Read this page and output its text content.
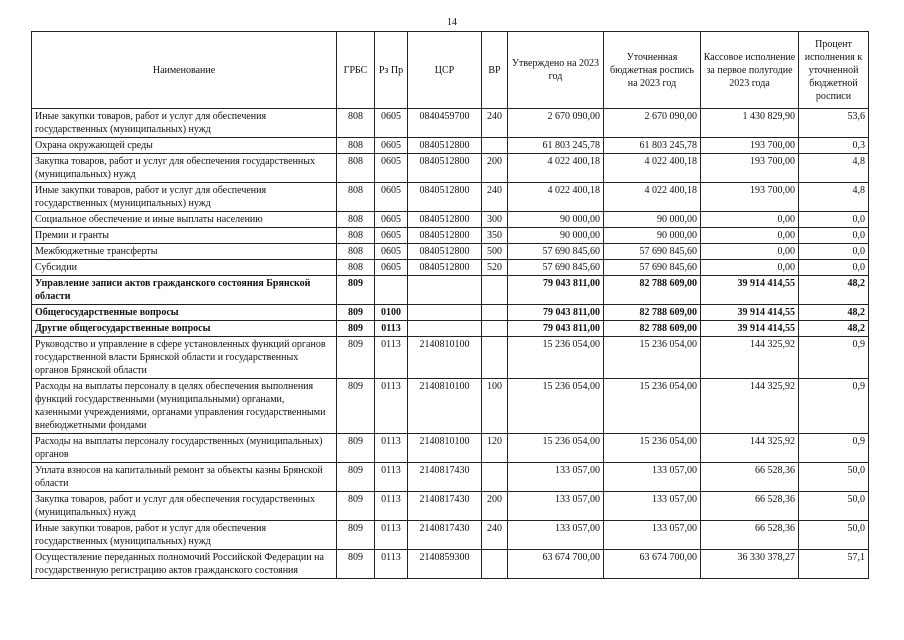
14
Наименование	ГРБС	Рз Пр	ЦСР	ВР	Утверждено на 2023 год	Уточненная бюджетная роспись на 2023 год	Кассовое исполнение за первое полугодие 2023 года	Процент исполнения к уточненной бюджетной росписи
Иные закупки товаров, работ и услуг для обеспечения государственных (муниципальных) нужд	808	0605	0840459700	240	2 670 090,00	2 670 090,00	1 430 829,90	53,6
Охрана окружающей среды	808	0605	0840512800		61 803 245,78	61 803 245,78	193 700,00	0,3
Закупка товаров, работ и услуг для обеспечения государственных (муниципальных) нужд	808	0605	0840512800	200	4 022 400,18	4 022 400,18	193 700,00	4,8
Иные закупки товаров, работ и услуг для обеспечения государственных (муниципальных) нужд	808	0605	0840512800	240	4 022 400,18	4 022 400,18	193 700,00	4,8
Социальное обеспечение и иные выплаты населению	808	0605	0840512800	300	90 000,00	90 000,00	0,00	0,0
Премии и гранты	808	0605	0840512800	350	90 000,00	90 000,00	0,00	0,0
Межбюджетные трансферты	808	0605	0840512800	500	57 690 845,60	57 690 845,60	0,00	0,0
Субсидии	808	0605	0840512800	520	57 690 845,60	57 690 845,60	0,00	0,0
Управление записи актов гражданского состояния Брянской области	809				79 043 811,00	82 788 609,00	39 914 414,55	48,2
Общегосударственные вопросы	809	0100			79 043 811,00	82 788 609,00	39 914 414,55	48,2
Другие общегосударственные вопросы	809	0113			79 043 811,00	82 788 609,00	39 914 414,55	48,2
Руководство и управление в сфере установленных функций органов государственной власти Брянской области и государственных органов Брянской области	809	0113	2140810100		15 236 054,00	15 236 054,00	144 325,92	0,9
Расходы на выплаты персоналу в целях обеспечения выполнения функций государственными (муниципальными) органами, казенными учреждениями, органами управления государственными внебюджетными фондами	809	0113	2140810100	100	15 236 054,00	15 236 054,00	144 325,92	0,9
Расходы на выплаты персоналу государственных (муниципальных) органов	809	0113	2140810100	120	15 236 054,00	15 236 054,00	144 325,92	0,9
Уплата взносов на капитальный ремонт за объекты казны Брянской области	809	0113	2140817430		133 057,00	133 057,00	66 528,36	50,0
Закупка товаров, работ и услуг для обеспечения государственных (муниципальных) нужд	809	0113	2140817430	200	133 057,00	133 057,00	66 528,36	50,0
Иные закупки товаров, работ и услуг для обеспечения государственных (муниципальных) нужд	809	0113	2140817430	240	133 057,00	133 057,00	66 528,36	50,0
Осуществление переданных полномочий Российской Федерации на государственную регистрацию актов гражданского состояния	809	0113	2140859300		63 674 700,00	63 674 700,00	36 330 378,27	57,1
